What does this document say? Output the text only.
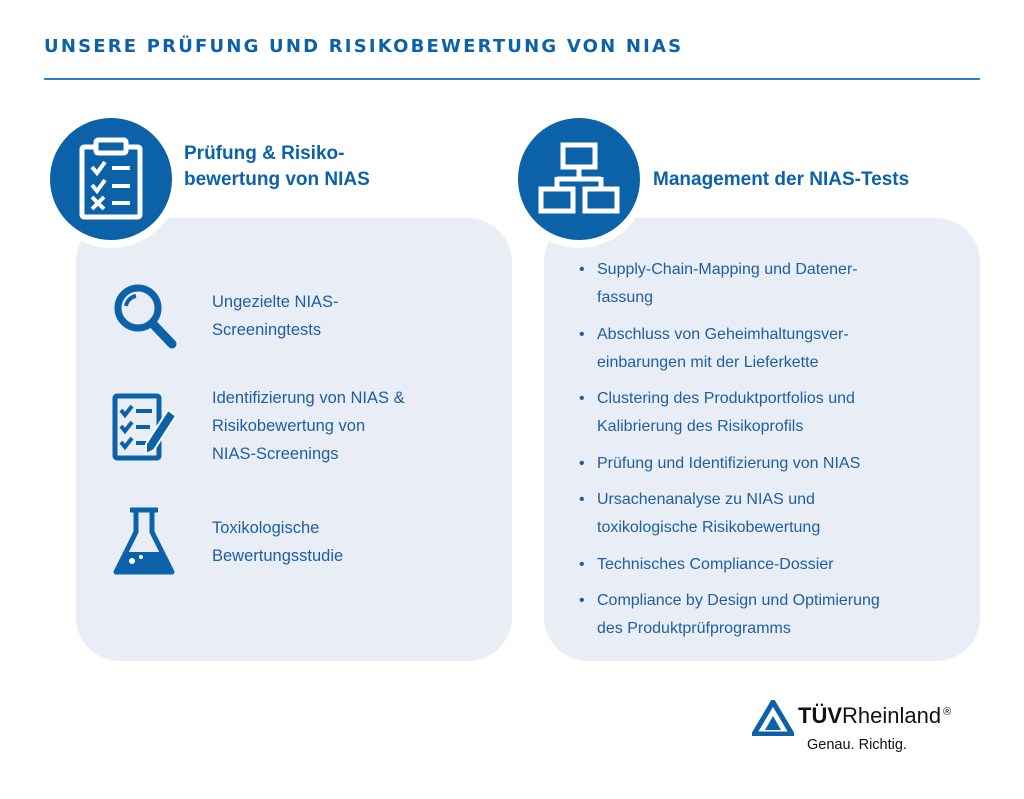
UNSERE PRÜFUNG UND RISIKOBEWERTUNG VON NIAS
Prüfung & Risiko-
bewertung von NIAS
Ungezielte NIAS-
Screeningtests
Identifizierung von NIAS &
Risikobewertung von
NIAS-Screenings
Toxikologische
Bewertungsstudie
Management der NIAS-Tests
• Supply-Chain-Mapping und Datener-
fassung
• Abschluss von Geheimhaltungsver-
einbarungen mit der Lieferkette
• Clustering des Produktportfolios und
Kalibrierung des Risikoprofils
• Prüfung und Identifizierung von NIAS
• Ursachenanalyse zu NIAS und
toxikologische Risikobewertung
• Technisches Compliance-Dossier
• Compliance by Design und Optimierung
des Produktprüfprogramms
TÜVRheinland ®
Genau. Richtig.
